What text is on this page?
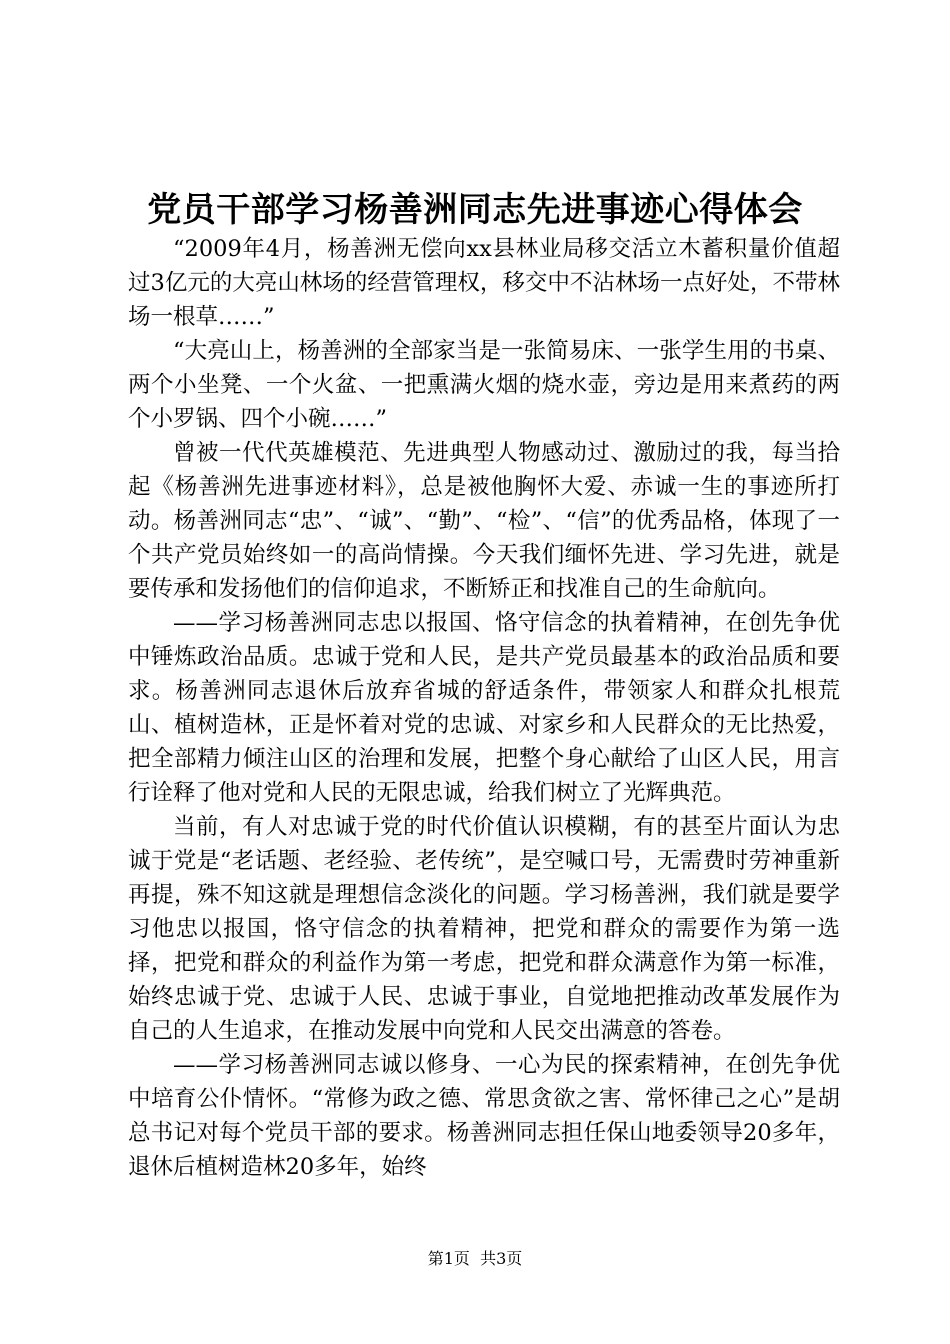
党员干部学习杨善洲同志先进事迹心得体会

“2009年4月，杨善洲无偿向xx县林业局移交活立木蓄积量价值超过3亿元的大亮山林场的经营管理权，移交中不沾林场一点好处，不带林场一根草……”

“大亮山上，杨善洲的全部家当是一张简易床、一张学生用的书桌、两个小坐凳、一个火盆、一把熏满火烟的烧水壶，旁边是用来煮药的两个小罗锅、四个小碗……”

曾被一代代英雄模范、先进典型人物感动过、激励过的我，每当拾起《杨善洲先进事迹材料》，总是被他胸怀大爱、赤诚一生的事迹所打动。杨善洲同志“忠”、“诚”、“勤”、“检”、“信”的优秀品格，体现了一个共产党员始终如一的高尚情操。今天我们缅怀先进、学习先进，就是要传承和发扬他们的信仰追求，不断矫正和找准自己的生命航向。

——学习杨善洲同志忠以报国、恪守信念的执着精神，在创先争优中锤炼政治品质。忠诚于党和人民，是共产党员最基本的政治品质和要求。杨善洲同志退休后放弃省城的舒适条件，带领家人和群众扎根荒山、植树造林，正是怀着对党的忠诚、对家乡和人民群众的无比热爱，把全部精力倾注山区的治理和发展，把整个身心献给了山区人民，用言行诠释了他对党和人民的无限忠诚，给我们树立了光辉典范。

当前，有人对忠诚于党的时代价值认识模糊，有的甚至片面认为忠诚于党是“老话题、老经验、老传统”，是空喊口号，无需费时劳神重新再提，殊不知这就是理想信念淡化的问题。学习杨善洲，我们就是要学习他忠以报国，恪守信念的执着精神，把党和群众的需要作为第一选择，把党和群众的利益作为第一考虑，把党和群众满意作为第一标准，始终忠诚于党、忠诚于人民、忠诚于事业，自觉地把推动改革发展作为自己的人生追求，在推动发展中向党和人民交出满意的答卷。

——学习杨善洲同志诚以修身、一心为民的探索精神，在创先争优中培育公仆情怀。“常修为政之德、常思贪欲之害、常怀律己之心”是胡总书记对每个党员干部的要求。杨善洲同志担任保山地委领导20多年，退休后植树造林20多年，始终

第1页  共3页
